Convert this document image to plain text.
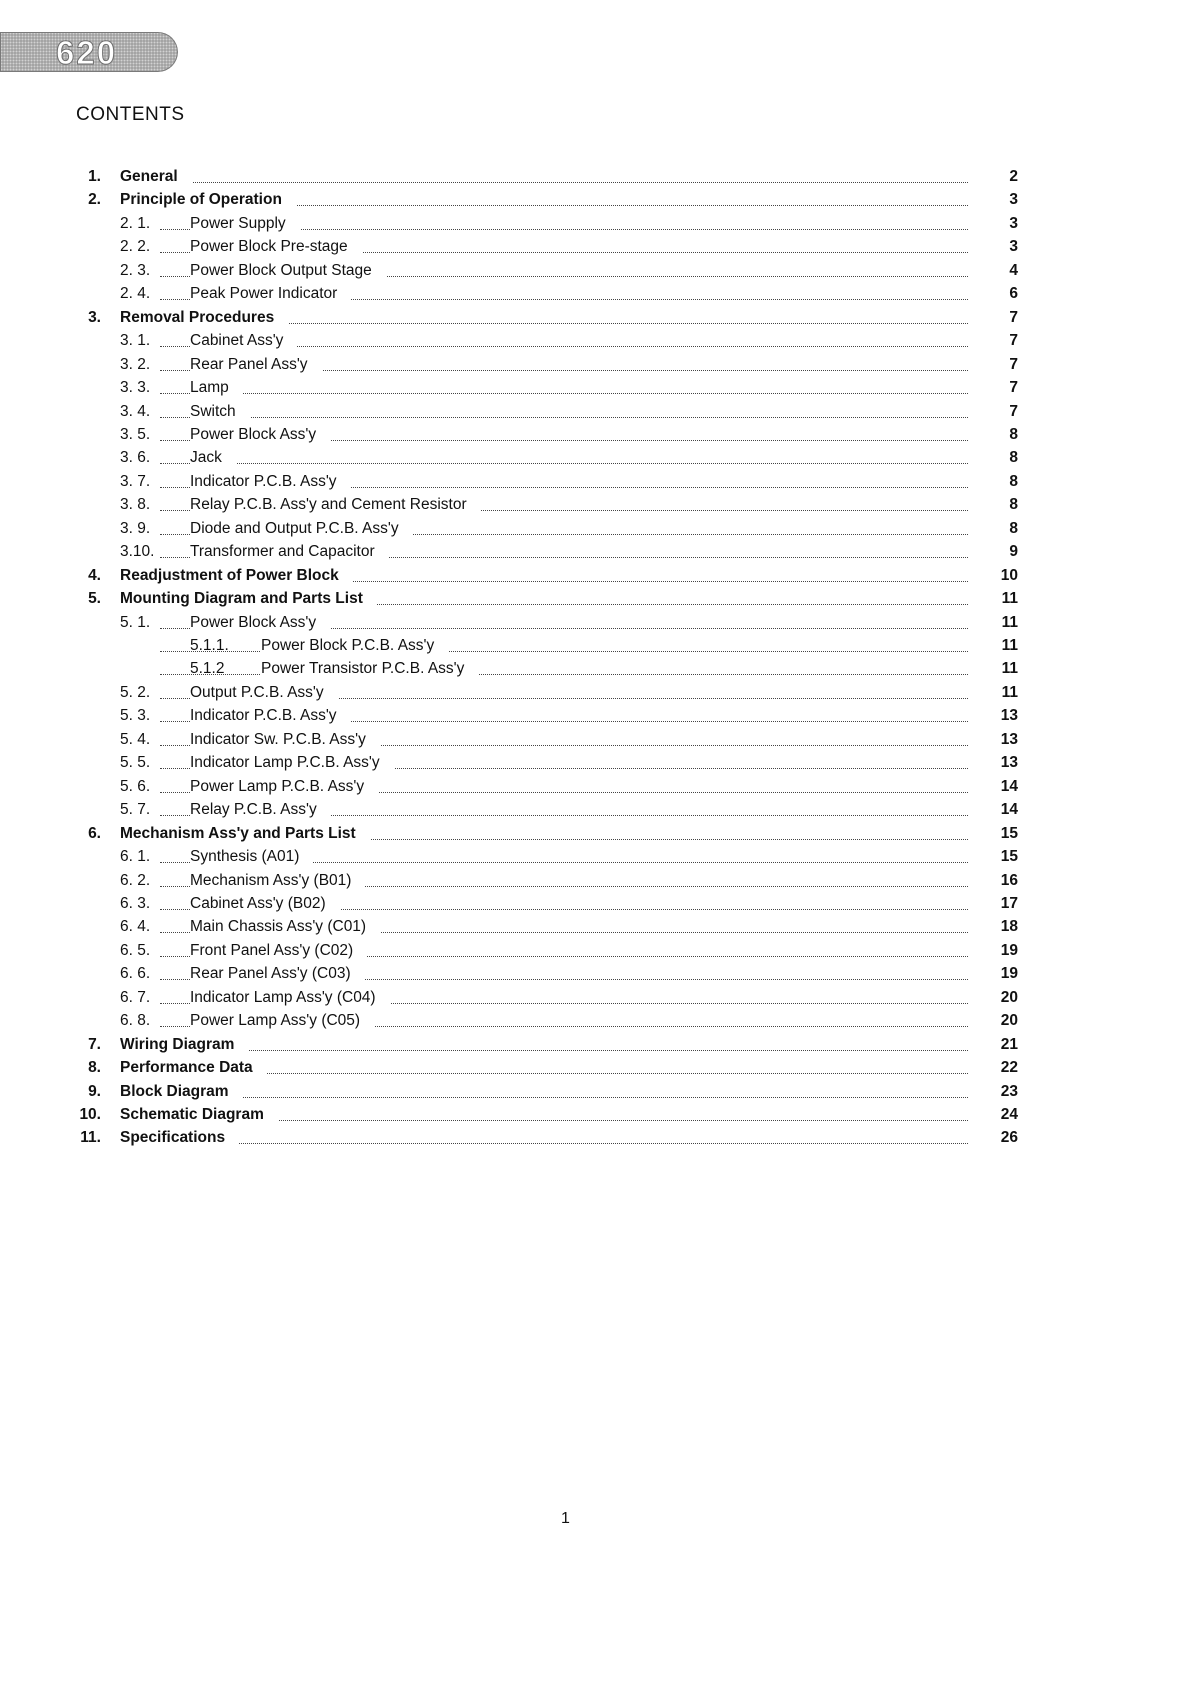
620
CONTENTS
1. General	2
2. Principle of Operation	3
2. 1.	Power Supply	3
2. 2.	Power Block Pre-stage	3
2. 3.	Power Block Output Stage	4
2. 4.	Peak Power Indicator	6
3. Removal Procedures	7
3. 1.	Cabinet Ass'y	7
3. 2.	Rear Panel Ass'y	7
3. 3.	Lamp	7
3. 4.	Switch	7
3. 5.	Power Block Ass'y	8
3. 6.	Jack	8
3. 7.	Indicator P.C.B. Ass'y	8
3. 8.	Relay P.C.B. Ass'y and Cement Resistor	8
3. 9.	Diode and Output P.C.B. Ass'y	8
3.10. Transformer and Capacitor	9
4. Readjustment of Power Block	10
5. Mounting Diagram and Parts List	11
5. 1.	Power Block Ass'y	11
5.1.1. Power Block P.C.B. Ass'y	11
5.1.2 Power Transistor P.C.B. Ass'y	11
5. 2.	Output P.C.B. Ass'y	11
5. 3.	Indicator P.C.B. Ass'y	13
5. 4.	Indicator Sw. P.C.B. Ass'y	13
5. 5.	Indicator Lamp P.C.B. Ass'y	13
5. 6.	Power Lamp P.C.B. Ass'y	14
5. 7.	Relay P.C.B. Ass'y	14
6. Mechanism Ass'y and Parts List	15
6. 1.	Synthesis (A01)	15
6. 2.	Mechanism Ass'y (B01)	16
6. 3.	Cabinet Ass'y (B02)	17
6. 4.	Main Chassis Ass'y (C01)	18
6. 5.	Front Panel Ass'y (C02)	19
6. 6.	Rear Panel Ass'y (C03)	19
6. 7.	Indicator Lamp Ass'y (C04)	20
6. 8.	Power Lamp Ass'y (C05)	20
7. Wiring Diagram	21
8. Performance Data	22
9. Block Diagram	23
10. Schematic Diagram	24
11. Specifications	26
1
